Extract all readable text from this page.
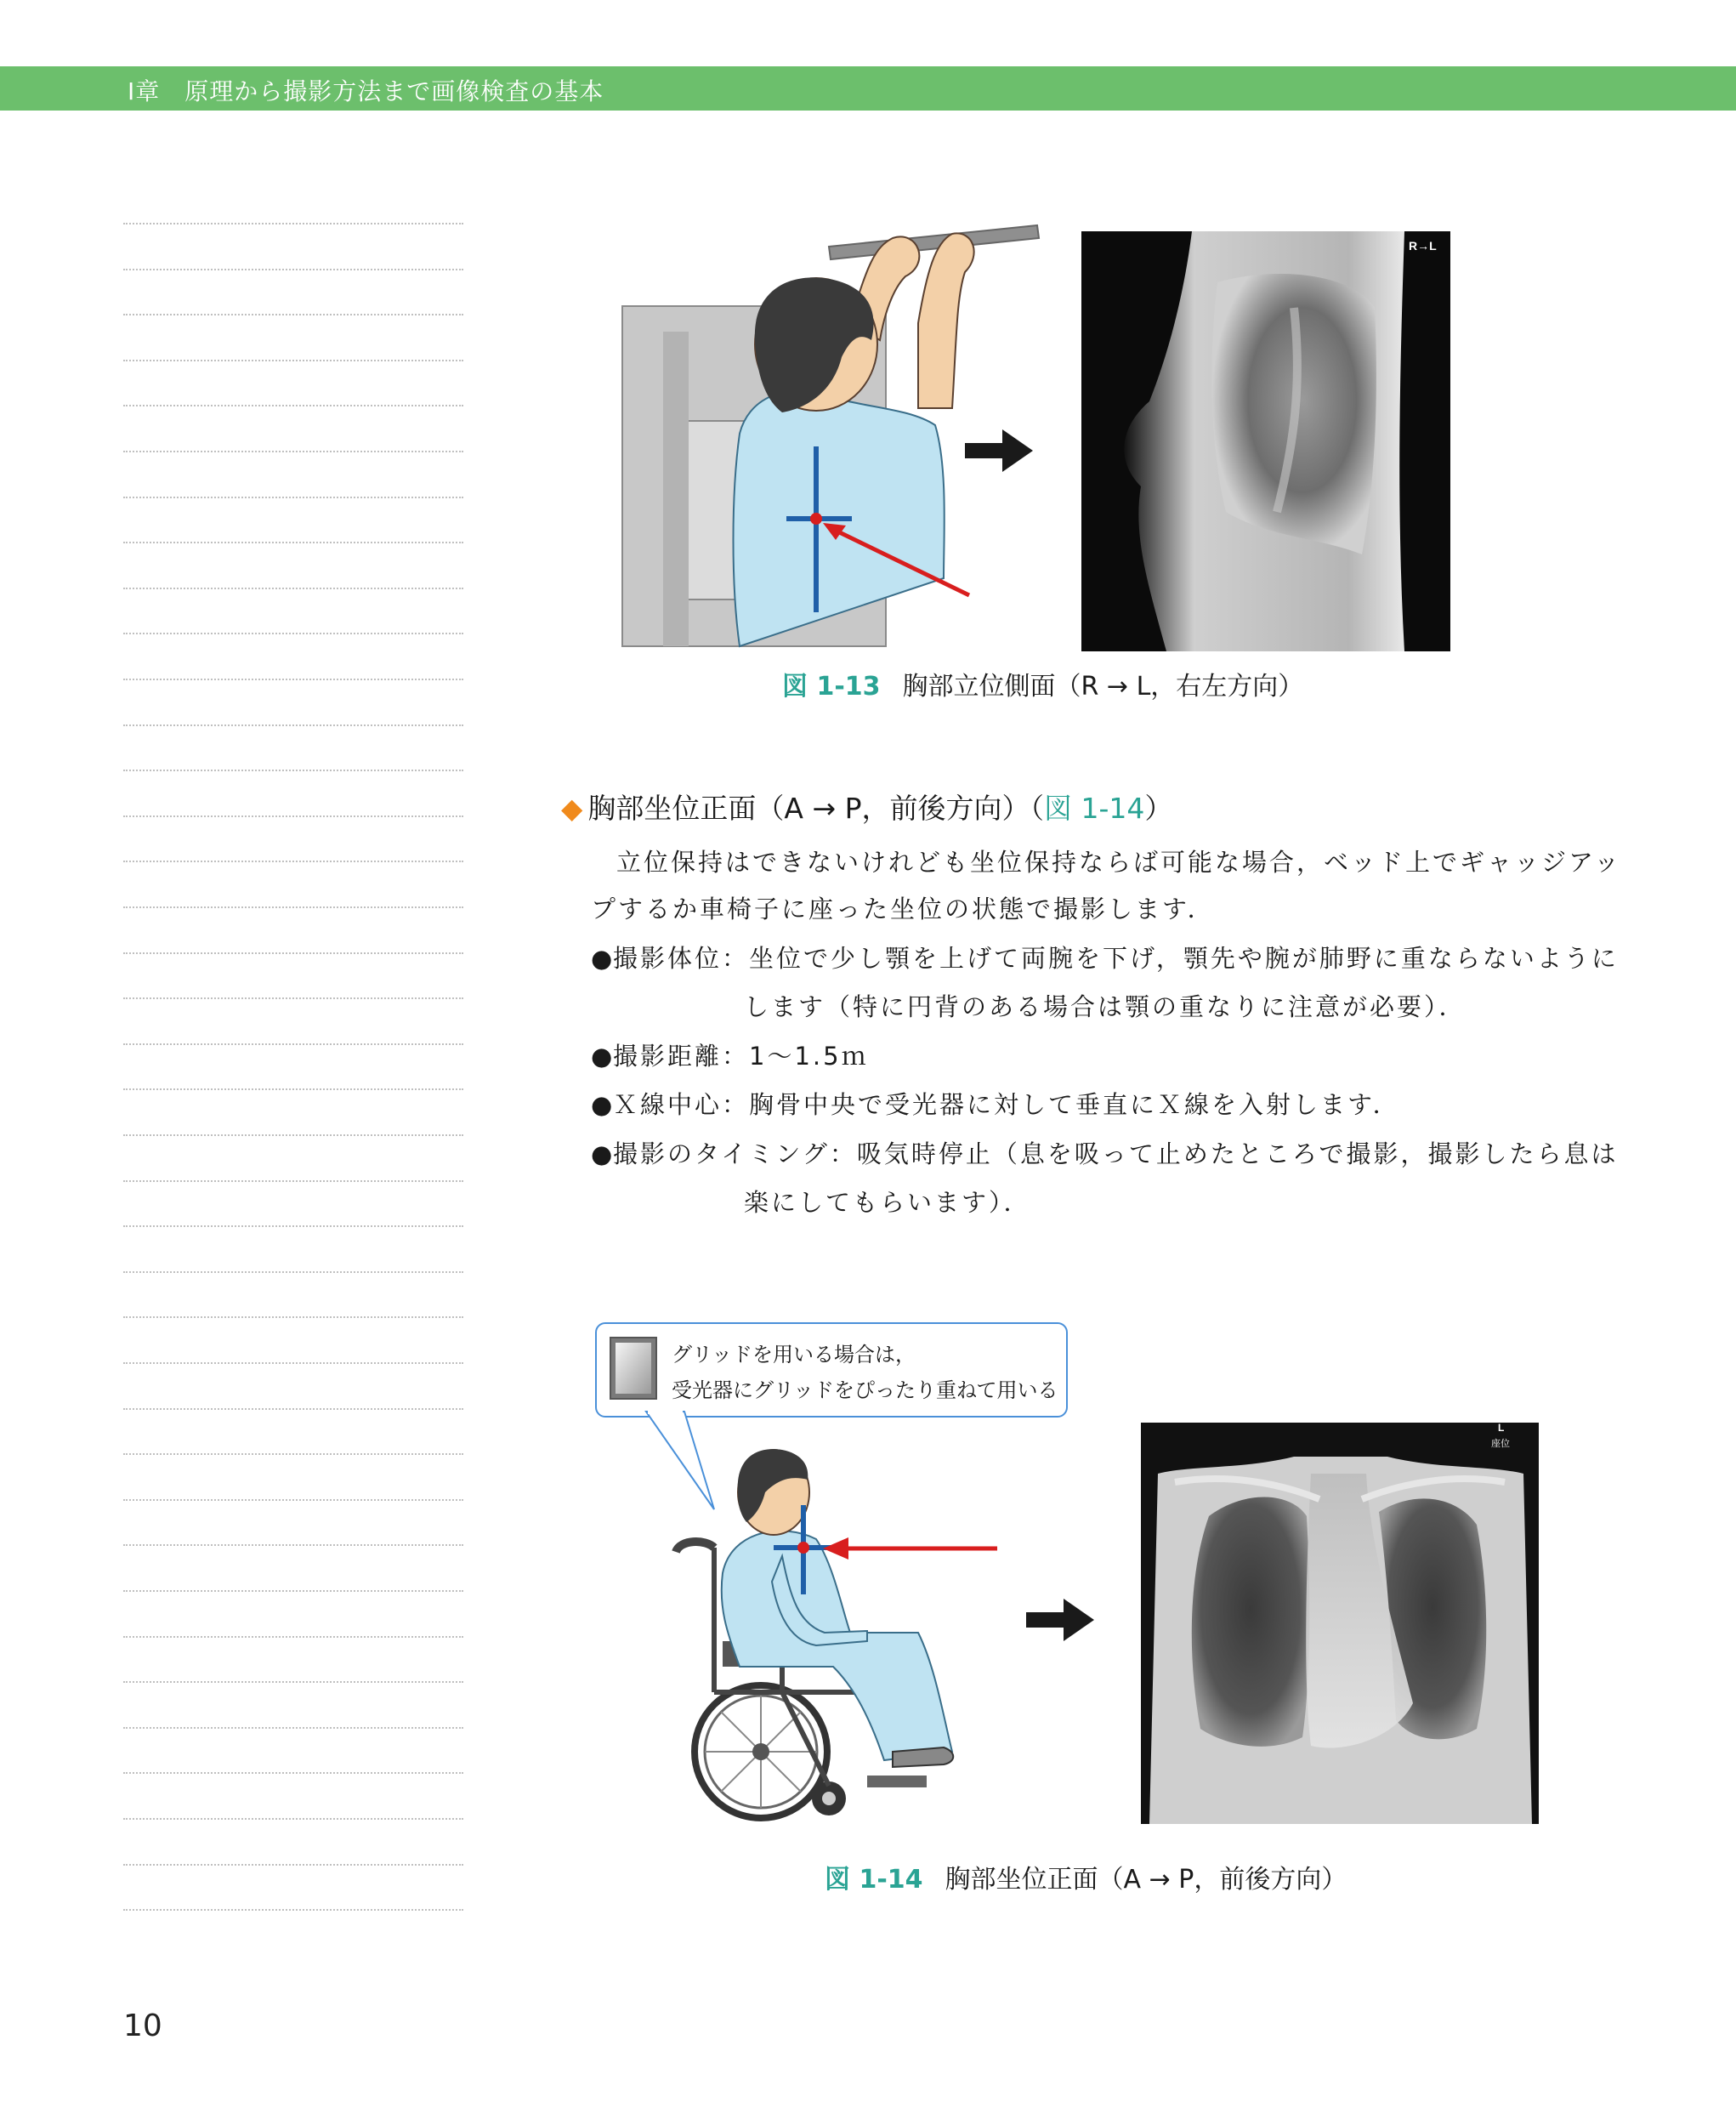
Ⅰ章　原理から撮影方法まで画像検査の基本
R→L
図 1-13 胸部立位側面（R → L，右左方向）
◆ 胸部坐位正面（A → P，前後方向）（図 1-14）
立位保持はできないけれども坐位保持ならば可能な場合，ベッド上でギャッジアッ
プするか車椅子に座った坐位の状態で撮影します．
●撮影体位：坐位で少し顎を上げて両腕を下げ，顎先や腕が肺野に重ならないように
します（特に円背のある場合は顎の重なりに注意が必要）．
●撮影距離：1〜1.5ｍ
●Ｘ線中心：胸骨中央で受光器に対して垂直にＸ線を入射します．
●撮影のタイミング：吸気時停止（息を吸って止めたところで撮影，撮影したら息は
楽にしてもらいます）．
グリッドを用いる場合は，
受光器にグリッドをぴったり重ねて用いる
L
座位
図 1-14 胸部坐位正面（A → P，前後方向）
10
